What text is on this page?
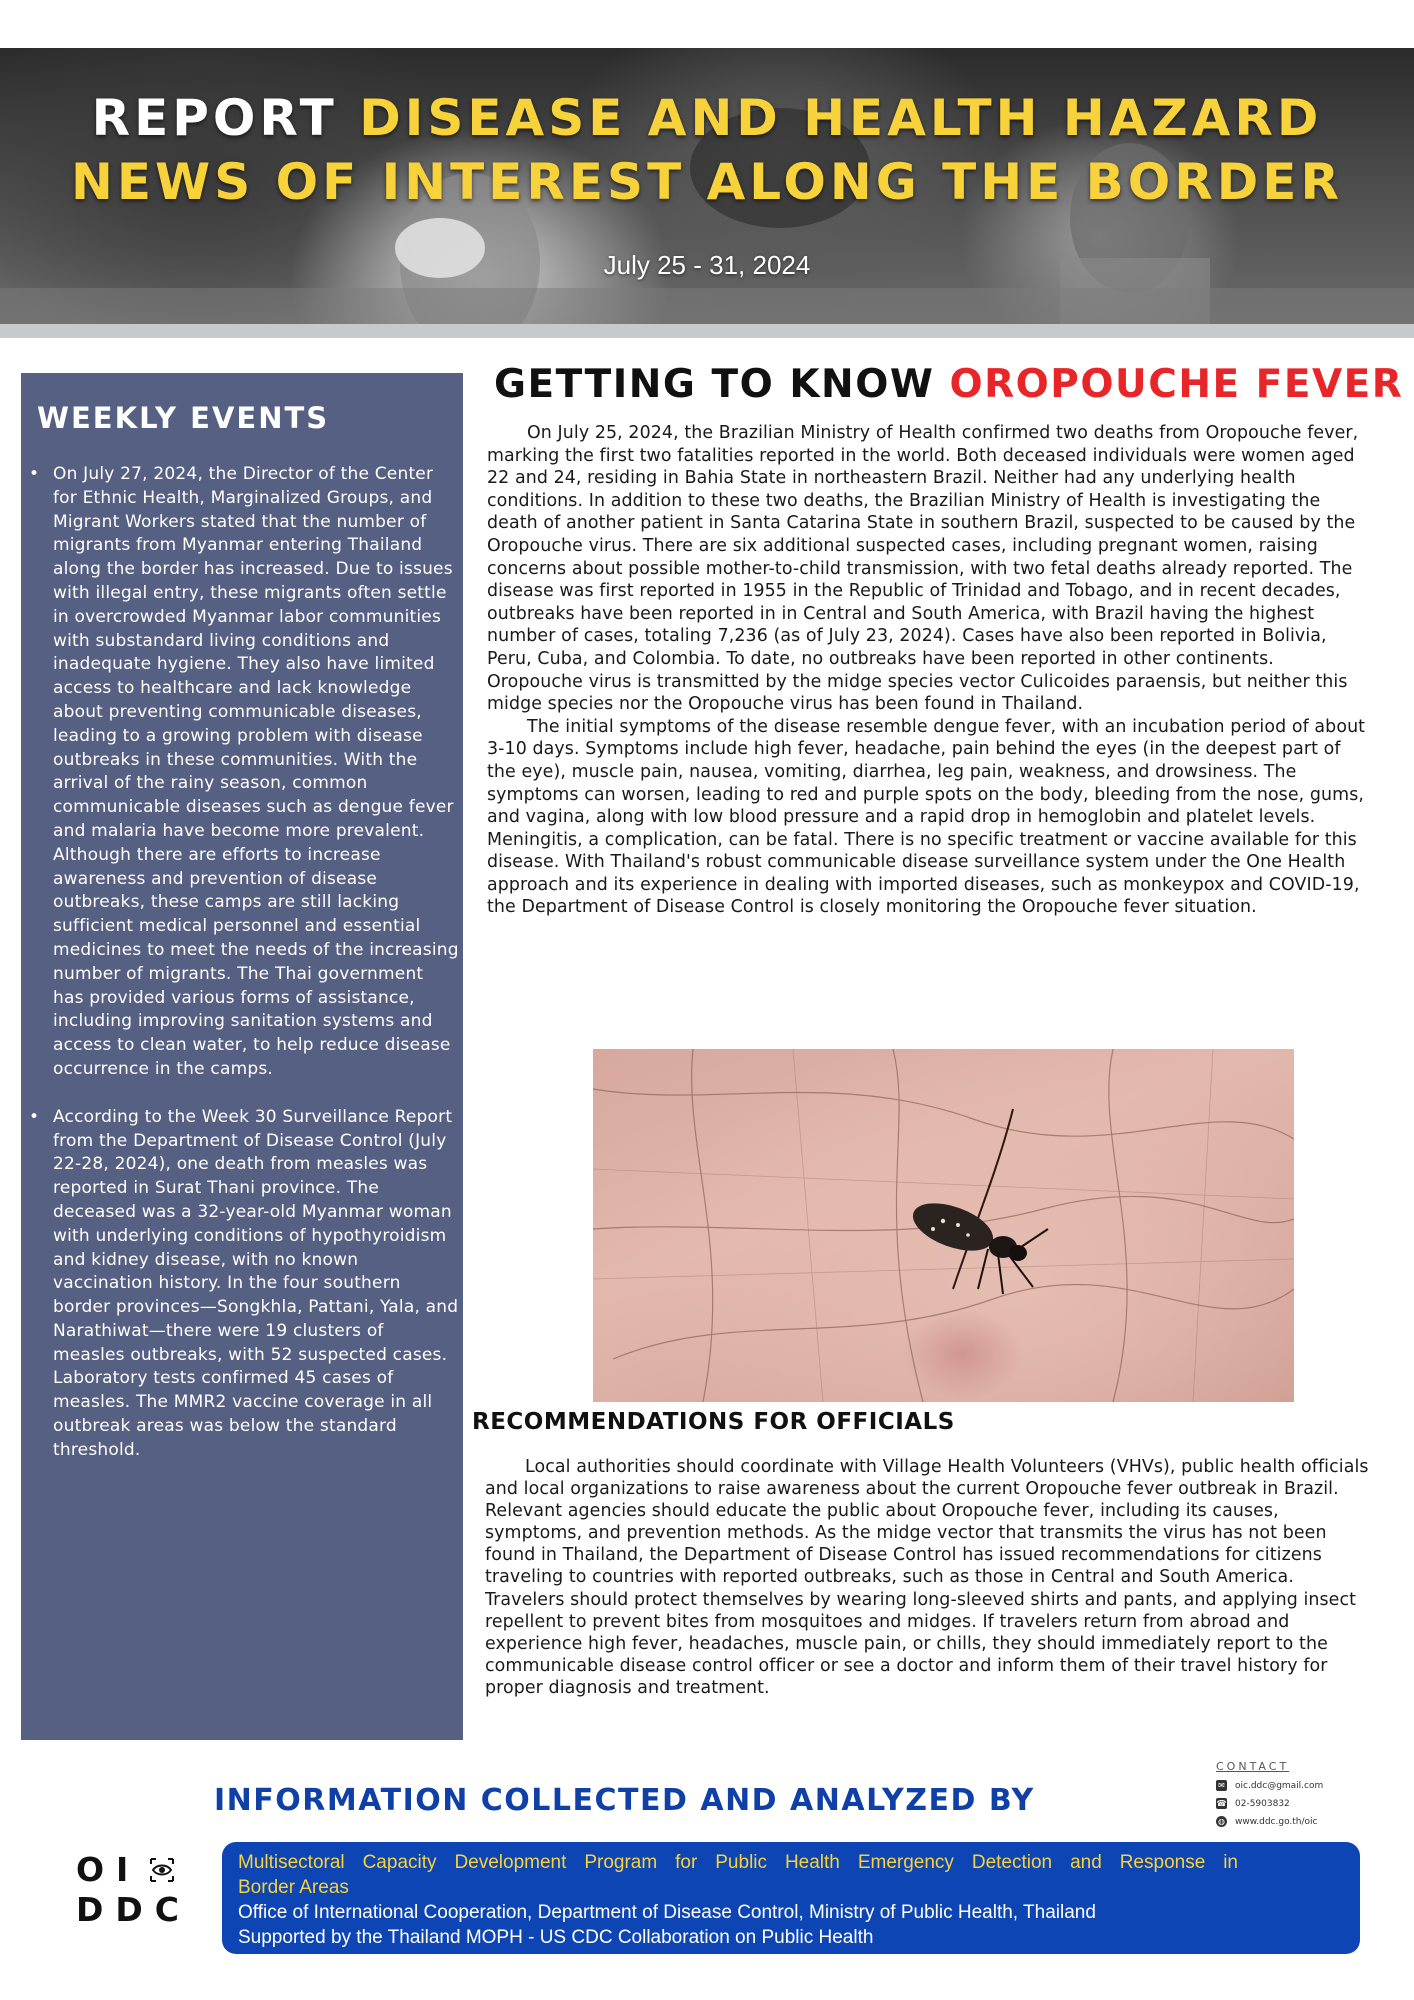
REPORT DISEASE AND HEALTH HAZARD
NEWS OF INTEREST ALONG THE BORDER
July 25 - 31, 2024
WEEKLY EVENTS
• On July 27, 2024, the Director of the Center for Ethnic Health, Marginalized Groups, and Migrant Workers stated that the number of migrants from Myanmar entering Thailand along the border has increased. Due to issues with illegal entry, these migrants often settle in overcrowded Myanmar labor communities with substandard living conditions and inadequate hygiene. They also have limited access to healthcare and lack knowledge about preventing communicable diseases, leading to a growing problem with disease outbreaks in these communities. With the arrival of the rainy season, common communicable diseases such as dengue fever and malaria have become more prevalent. Although there are efforts to increase awareness and prevention of disease outbreaks, these camps are still lacking sufficient medical personnel and essential medicines to meet the needs of the increasing number of migrants. The Thai government has provided various forms of assistance, including improving sanitation systems and access to clean water, to help reduce disease occurrence in the camps.
• According to the Week 30 Surveillance Report from the Department of Disease Control (July 22-28, 2024), one death from measles was reported in Surat Thani province. The deceased was a 32-year-old Myanmar woman with underlying conditions of hypothyroidism and kidney disease, with no known vaccination history. In the four southern border provinces—Songkhla, Pattani, Yala, and Narathiwat—there were 19 clusters of measles outbreaks, with 52 suspected cases. Laboratory tests confirmed 45 cases of measles. The MMR2 vaccine coverage in all outbreak areas was below the standard threshold.
GETTING TO KNOW OROPOUCHE FEVER

On July 25, 2024, the Brazilian Ministry of Health confirmed two deaths from Oropouche fever, marking the first two fatalities reported in the world. Both deceased individuals were women aged 22 and 24, residing in Bahia State in northeastern Brazil. Neither had any underlying health conditions. In addition to these two deaths, the Brazilian Ministry of Health is investigating the death of another patient in Santa Catarina State in southern Brazil, suspected to be caused by the Oropouche virus. There are six additional suspected cases, including pregnant women, raising concerns about possible mother-to-child transmission, with two fetal deaths already reported. The disease was first reported in 1955 in the Republic of Trinidad and Tobago, and in recent decades, outbreaks have been reported in in Central and South America, with Brazil having the highest number of cases, totaling 7,236 (as of July 23, 2024). Cases have also been reported in Bolivia, Peru, Cuba, and Colombia. To date, no outbreaks have been reported in other continents. Oropouche virus is transmitted by the midge species vector Culicoides paraensis, but neither this midge species nor the Oropouche virus has been found in Thailand.

The initial symptoms of the disease resemble dengue fever, with an incubation period of about 3-10 days. Symptoms include high fever, headache, pain behind the eyes (in the deepest part of the eye), muscle pain, nausea, vomiting, diarrhea, leg pain, weakness, and drowsiness. The symptoms can worsen, leading to red and purple spots on the body, bleeding from the nose, gums, and vagina, along with low blood pressure and a rapid drop in hemoglobin and platelet levels. Meningitis, a complication, can be fatal. There is no specific treatment or vaccine available for this disease. With Thailand's robust communicable disease surveillance system under the One Health approach and its experience in dealing with imported diseases, such as monkeypox and COVID-19, the Department of Disease Control is closely monitoring the Oropouche fever situation.

RECOMMENDATIONS FOR OFFICIALS

Local authorities should coordinate with Village Health Volunteers (VHVs), public health officials and local organizations to raise awareness about the current Oropouche fever outbreak in Brazil. Relevant agencies should educate the public about Oropouche fever, including its causes, symptoms, and prevention methods. As the midge vector that transmits the virus has not been found in Thailand, the Department of Disease Control has issued recommendations for citizens traveling to countries with reported outbreaks, such as those in Central and South America. Travelers should protect themselves by wearing long-sleeved shirts and pants, and applying insect repellent to prevent bites from mosquitoes and midges. If travelers return from abroad and experience high fever, headaches, muscle pain, or chills, they should immediately report to the communicable disease control officer or see a doctor and inform them of their travel history for proper diagnosis and treatment.

INFORMATION COLLECTED AND ANALYZED BY
CONTACT
✉ oic.ddc@gmail.com
☎ 02-5903832
◍ www.ddc.go.th/oic
OI
DDC
Multisectoral Capacity Development Program for Public Health Emergency Detection and Response in
Border Areas
Office of International Cooperation, Department of Disease Control, Ministry of Public Health, Thailand
Supported by the Thailand MOPH - US CDC Collaboration on Public Health
